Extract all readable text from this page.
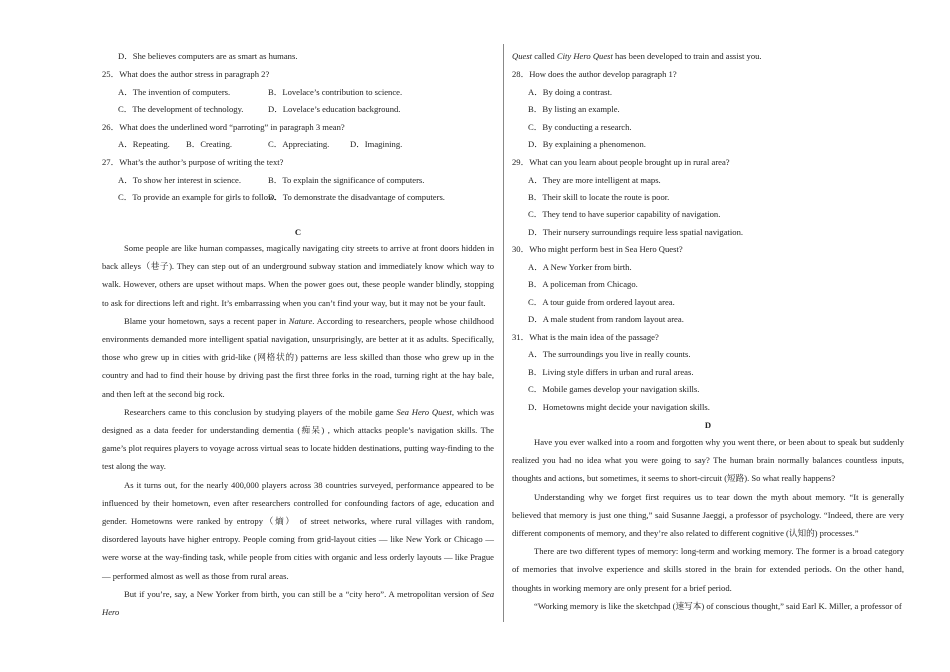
D．She believes computers are as smart as humans.
25．What does the author stress in paragraph 2?
A．The invention of computers.	B．Lovelace’s contribution to science.
C．The development of technology.	D．Lovelace’s education background.
26．What does the underlined word “parroting” in paragraph 3 mean?
A．Repeating. B．Creating.	C．Appreciating. D．Imagining.
27．What’s the author’s purpose of writing the text?
A．To show her interest in science.	B．To explain the significance of computers.
C．To provide an example for girls to follow.
D．To demonstrate the disadvantage of computers.
C

Some people are like human compasses, magically navigating city streets to arrive at front doors hidden in back alleys（巷子). They can step out of an underground subway station and immediately know which way to walk. However, others are upset without maps. When the power goes out, these people wander blindly, stopping to ask for directions left and right. It’s embarrassing when you can’t find your way, but it may not be your fault.

Blame your hometown, says a recent paper in Nature. According to researchers, people whose childhood environments demanded more intelligent spatial navigation, unsurprisingly, are better at it as adults. Specifically, those who grew up in cities with grid-like (网格状的) patterns are less skilled than those who grew up in the country and had to find their house by driving past the first three forks in the road, turning right at the hay bale, and then left at the second big rock.

Researchers came to this conclusion by studying players of the mobile game Sea Hero Quest, which was designed as a data feeder for understanding dementia (痴呆) , which attacks people’s navigation skills. The game’s plot requires players to voyage across virtual seas to locate hidden destinations, putting way-finding to the test along the way.

As it turns out, for the nearly 400,000 players across 38 countries surveyed, performance appeared to be influenced by their hometown, even after researchers controlled for confounding factors of age, education and gender. Hometowns were ranked by entropy（熵） of street networks, where rural villages with random, disordered layouts have higher entropy. People coming from grid-layout cities — like New York or Chicago — were worse at the way-finding task, while people from cities with organic and less orderly layouts — like Prague — performed almost as well as those from rural areas.

But if you’re, say, a New Yorker from birth, you can still be a “city hero”. A metropolitan version of Sea Hero

Quest called City Hero Quest has been developed to train and assist you.
28．How does the author develop paragraph 1?
A．By doing a contrast.
B．By listing an example.
C．By conducting a research.
D．By explaining a phenomenon.
29．What can you learn about people brought up in rural area?
A．They are more intelligent at maps.
B．Their skill to locate the route is poor.
C．They tend to have superior capability of navigation.
D．Their nursery surroundings require less spatial navigation.
30．Who might perform best in Sea Hero Quest?
A．A New Yorker from birth.
B．A policeman from Chicago.
C．A tour guide from ordered layout area.
D．A male student from random layout area.
31．What is the main idea of the passage?
A．The surroundings you live in really counts.
B．Living style differs in urban and rural areas.
C．Mobile games develop your navigation skills.
D．Hometowns might decide your navigation skills.
D

Have you ever walked into a room and forgotten why you went there, or been about to speak but suddenly realized you had no idea what you were going to say? The human brain normally balances countless inputs, thoughts and actions, but sometimes, it seems to short-circuit (短路). So what really happens?

Understanding why we forget first requires us to tear down the myth about memory. “It is generally believed that memory is just one thing,” said Susanne Jaeggi, a professor of psychology. “Indeed, there are very different components of memory, and they’re also related to different cognitive (认知的) processes.”

There are two different types of memory: long-term and working memory. The former is a broad category of memories that involve experience and skills stored in the brain for extended periods. On the other hand, thoughts in working memory are only present for a brief period.

“Working memory is like the sketchpad (速写本) of conscious thought,” said Earl K. Miller, a professor of
